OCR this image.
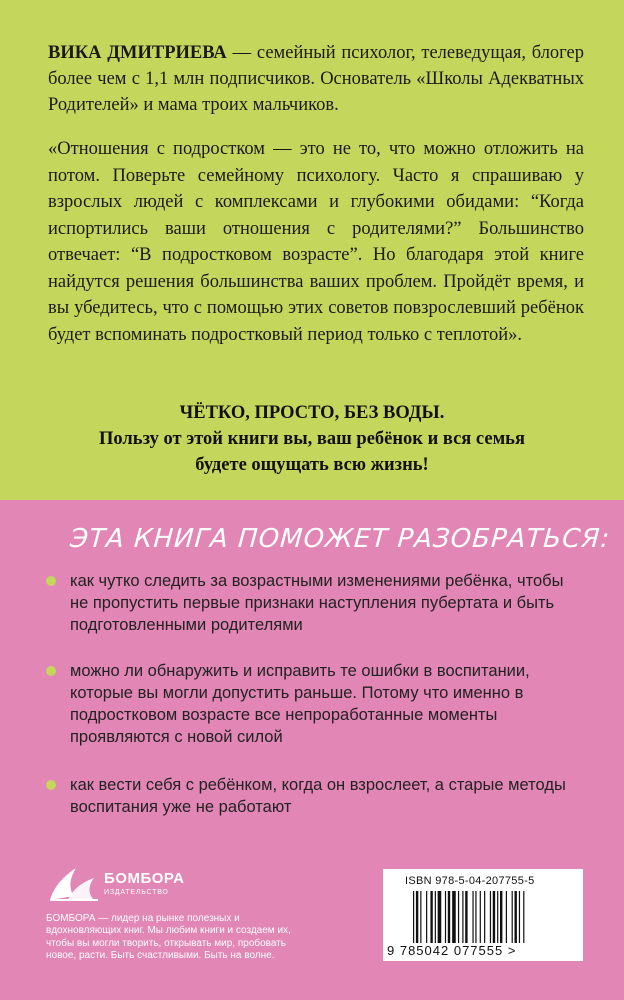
ВИКА ДМИТРИЕВА — семейный психолог, телеведущая, блогер более чем с 1,1 млн подписчиков. Основатель «Школы Адекватных Родителей» и мама троих мальчиков.

«Отношения с подростком — это не то, что можно отложить на потом. Поверьте семейному психологу. Часто я спрашиваю у взрослых людей с комплексами и глубокими обидами: “Когда испортились ваши отношения с родителями?” Большинство отвечает: “В подростковом возрасте”. Но благодаря этой книге найдутся решения большинства ваших проблем. Пройдёт время, и вы убедитесь, что с помощью этих советов повзрослевший ребёнок будет вспоминать подростковый период только с теплотой».

ЧЁТКО, ПРОСТО, БЕЗ ВОДЫ.
Пользу от этой книги вы, ваш ребёнок и вся семья
будете ощущать всю жизнь!
ЭТА КНИГА ПОМОЖЕТ РАЗОБРАТЬСЯ:
как чутко следить за возрастными изменениями ребёнка, чтобы не пропустить первые признаки наступления пубертата и быть подготовленными родителями
можно ли обнаружить и исправить те ошибки в воспитании, которые вы могли допустить раньше. Потому что именно в подростковом возрасте все непроработанные моменты проявляются с новой силой
как вести себя с ребёнком, когда он взрослеет, а старые методы воспитания уже не работают
БОМБОРА
ИЗДАТЕЛЬСТВО
БОМБОРА — лидер на рынке полезных и вдохновляющих книг. Мы любим книги и создаем их, чтобы вы могли творить, открывать мир, пробовать новое, расти. Быть счастливыми. Быть на волне.
ISBN 978-5-04-207755-5
9 785042 077555 >
